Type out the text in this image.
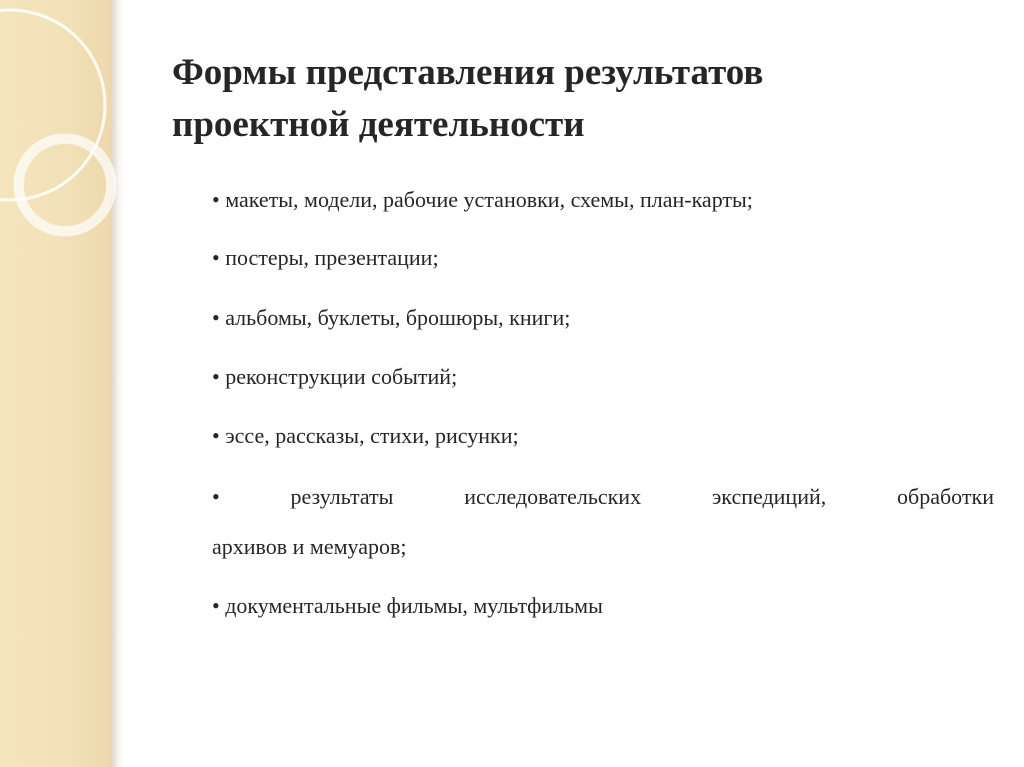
Формы представления результатов
проектной деятельности
• макеты, модели, рабочие установки, схемы, план-карты;
• постеры, презентации;
• альбомы, буклеты, брошюры, книги;
• реконструкции событий;
• эссе, рассказы, стихи, рисунки;
•	результаты	исследовательских	экспедиций,	обработки
архивов и мемуаров;
• документальные фильмы, мультфильмы
